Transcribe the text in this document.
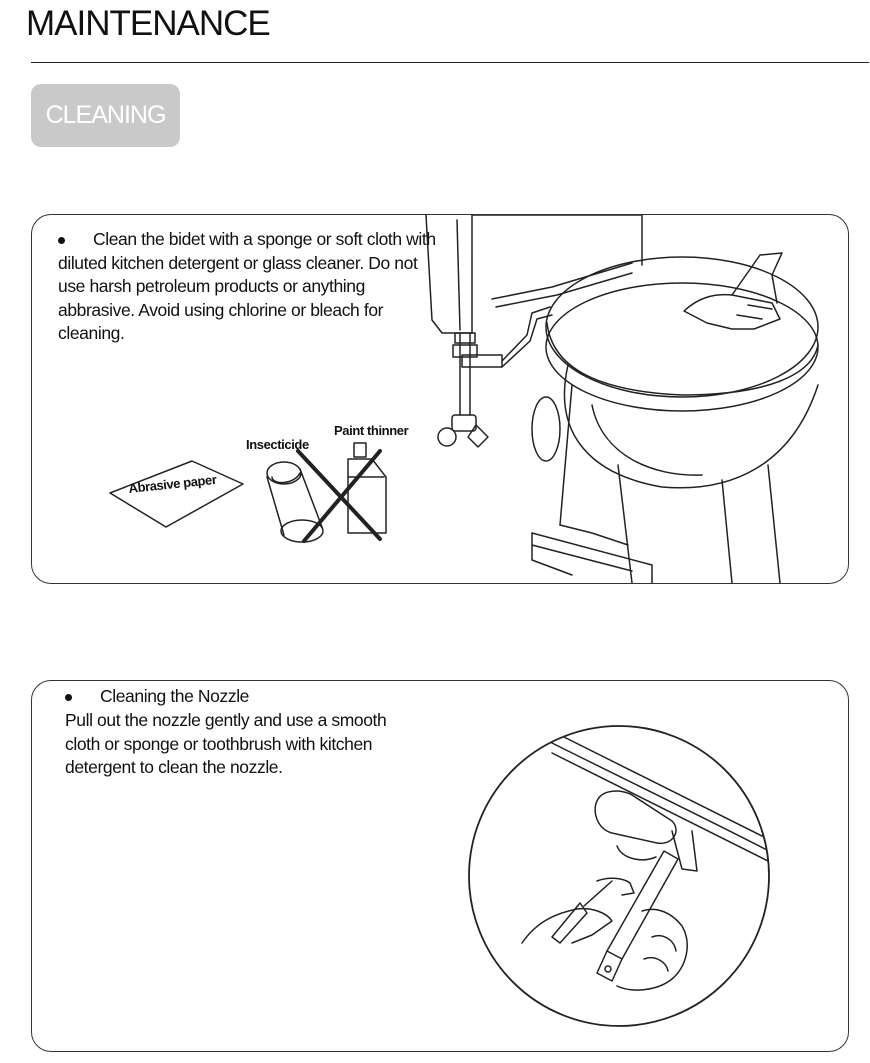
MAINTENANCE
CLEANING
Clean the bidet with a sponge or soft cloth with diluted kitchen detergent or glass cleaner. Do not use harsh petroleum products or anything abbrasive. Avoid using chlorine or bleach for cleaning.
Abrasive paper
Insecticide
Paint thinner
Cleaning the Nozzle
Pull out the nozzle gently and use a smooth cloth or sponge or toothbrush with kitchen detergent to clean the nozzle.
